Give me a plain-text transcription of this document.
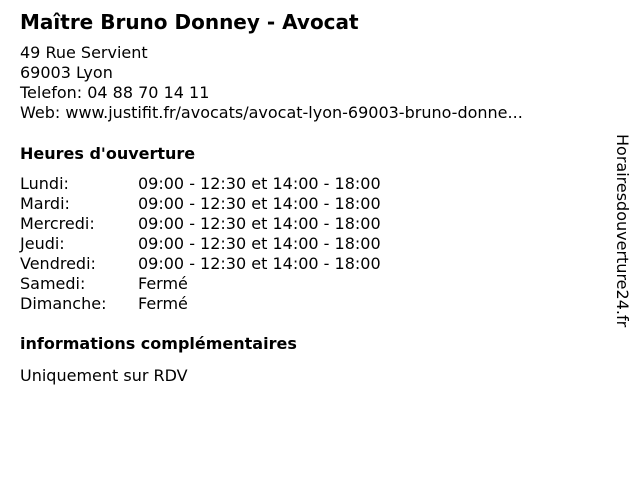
Maître Bruno Donney - Avocat
49 Rue Servient
69003 Lyon
Telefon: 04 88 70 14 11
Web: www.justifit.fr/avocats/avocat-lyon-69003-bruno-donne...
Heures d'ouverture
Lundi:	09:00 - 12:30 et 14:00 - 18:00
Mardi:	09:00 - 12:30 et 14:00 - 18:00
Mercredi:	09:00 - 12:30 et 14:00 - 18:00
Jeudi:	09:00 - 12:30 et 14:00 - 18:00
Vendredi:	09:00 - 12:30 et 14:00 - 18:00
Samedi:	Fermé
Dimanche: Fermé
informations complémentaires
Uniquement sur RDV
Horairesdouverture24.fr
